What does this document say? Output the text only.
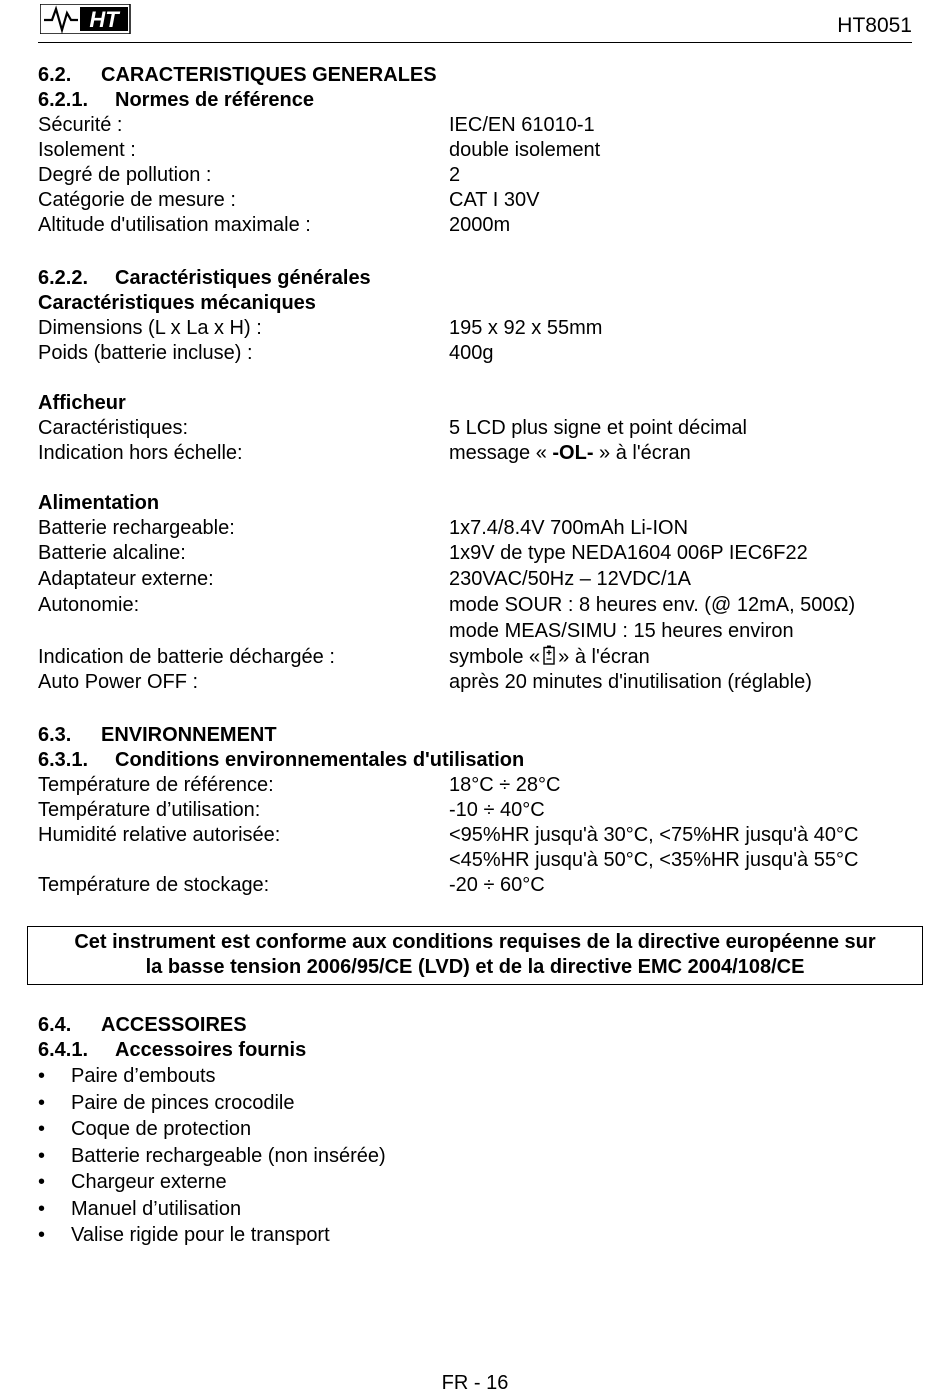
HT	HT8051
6.2. CARACTERISTIQUES GENERALES
6.2.1. Normes de référence
Sécurité :	IEC/EN 61010-1
Isolement :	double isolement
Degré de pollution :	2
Catégorie de mesure :	CAT I 30V
Altitude d'utilisation maximale :	2000m
6.2.2. Caractéristiques générales
Caractéristiques mécaniques
Dimensions (L x La x H) :	195 x 92 x 55mm
Poids (batterie incluse) :	400g
Afficheur
Caractéristiques:	5 LCD plus signe et point décimal
Indication hors échelle:	message « -OL- » à l'écran
Alimentation
Batterie rechargeable:	1x7.4/8.4V 700mAh Li-ION
Batterie alcaline:	1x9V de type NEDA1604 006P IEC6F22
Adaptateur externe:	230VAC/50Hz – 12VDC/1A
Autonomie:	mode SOUR : 8 heures env. (@ 12mA, 500Ω)
mode MEAS/SIMU : 15 heures environ
Indication de batterie déchargée :	symbole « » à l'écran
Auto Power OFF :	après 20 minutes d'inutilisation (réglable)
6.3. ENVIRONNEMENT
6.3.1. Conditions environnementales d'utilisation
Température de référence:	18°C ÷ 28°C
Température d’utilisation:	-10 ÷ 40°C
Humidité relative autorisée:	<95%HR jusqu'à 30°C, <75%HR jusqu'à 40°C
<45%HR jusqu'à 50°C, <35%HR jusqu'à 55°C
Température de stockage:	-20 ÷ 60°C
Cet instrument est conforme aux conditions requises de la directive européenne sur
la basse tension 2006/95/CE (LVD) et de la directive EMC 2004/108/CE
6.4. ACCESSOIRES
6.4.1. Accessoires fournis
• Paire d’embouts
• Paire de pinces crocodile
• Coque de protection
• Batterie rechargeable (non insérée)
• Chargeur externe
• Manuel d’utilisation
• Valise rigide pour le transport
FR - 16
